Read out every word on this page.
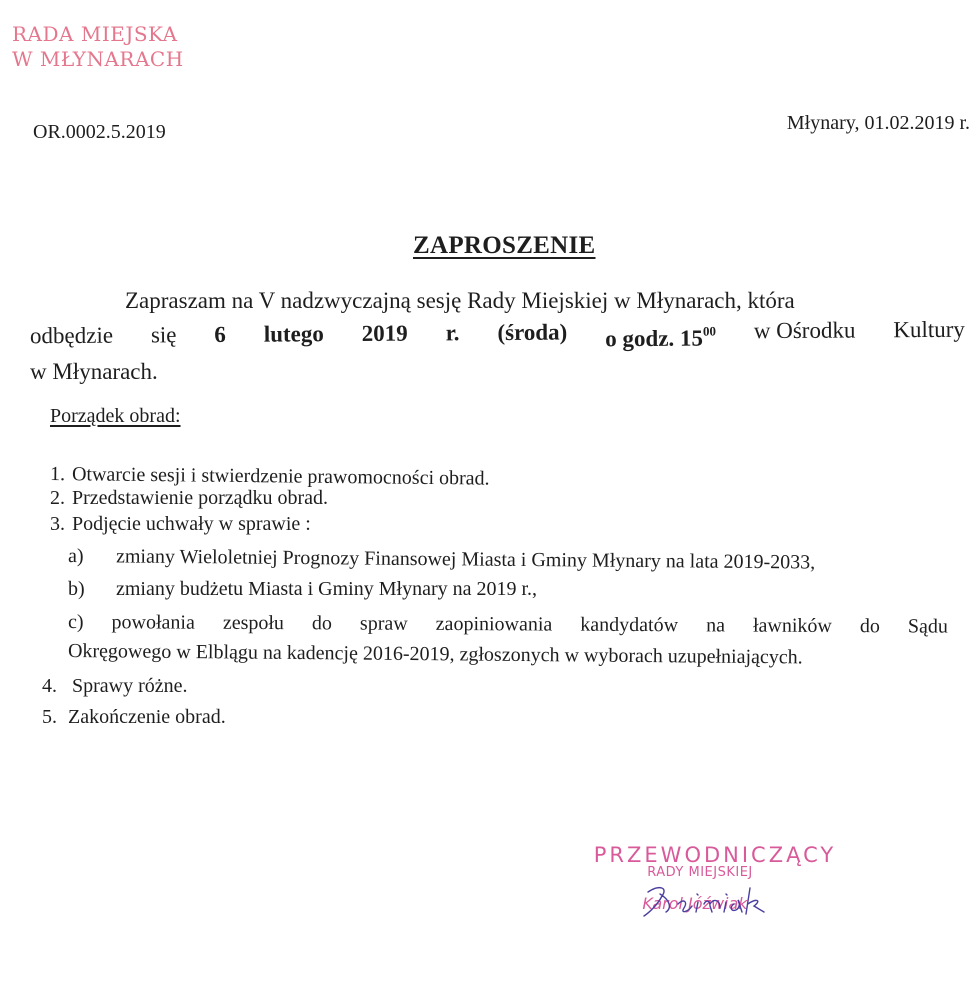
RADA MIEJSKA
W MŁYNARACH
OR.0002.5.2019	Młynary, 01.02.2019 r.
ZAPROSZENIE
Zapraszam na V nadzwyczajną sesję Rady Miejskiej w Młynarach, która
odbędzie się 6 lutego 2019 r. (środa) o godz. $15^{00}$ w Ośrodku Kultury
w Młynarach.
Porządek obrad:
1. Otwarcie sesji i stwierdzenie prawomocności obrad.
2. Przedstawienie porządku obrad.
3. Podjęcie uchwały w sprawie :
a) zmiany Wieloletniej Prognozy Finansowej Miasta i Gminy Młynary na lata 2019-2033,
b) zmiany budżetu Miasta i Gminy Młynary na 2019 r.,
c) powołania zespołu do spraw zaopiniowania kandydatów na ławników do Sądu
Okręgowego w Elblągu na kadencję 2016-2019, zgłoszonych w wyborach uzupełniających.
4. Sprawy różne.
5. Zakończenie obrad.
PRZEWODNICZĄCY
RADY MIEJSKIEJ
Karol Jóźwiak
